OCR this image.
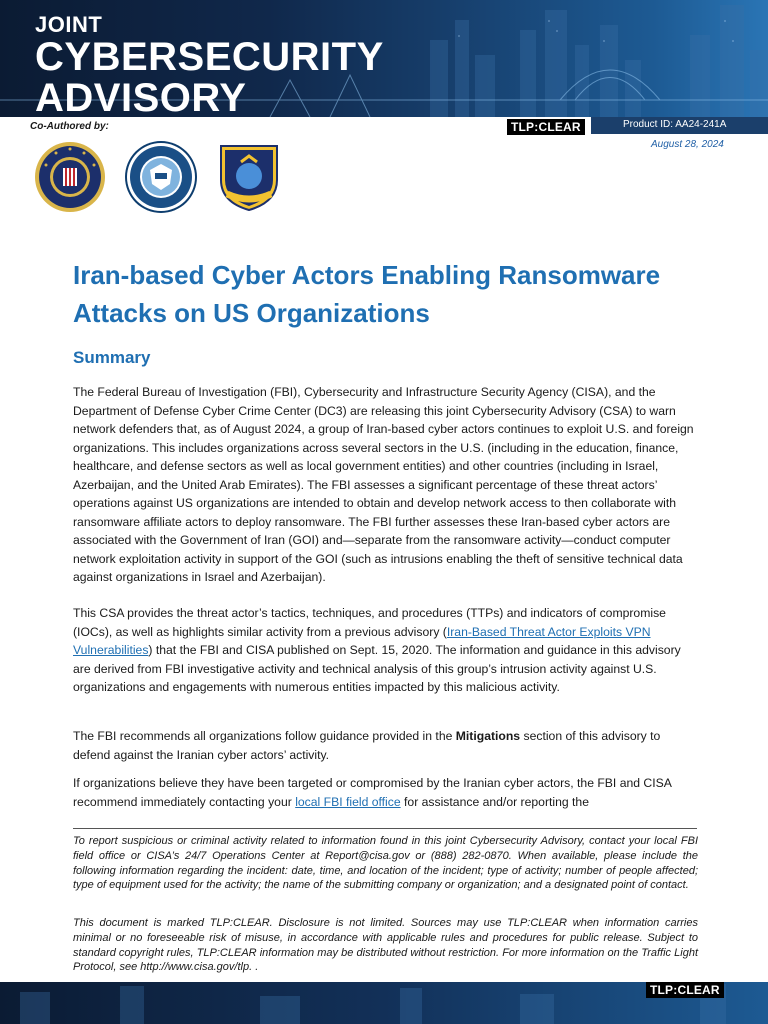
JOINT
CYBERSECURITY
ADVISORY
Co-Authored by:	TLP:CLEAR	Product ID: AA24-241A
August 28, 2024
Iran-based Cyber Actors Enabling Ransomware Attacks on US Organizations
Summary
The Federal Bureau of Investigation (FBI), Cybersecurity and Infrastructure Security Agency (CISA), and the Department of Defense Cyber Crime Center (DC3) are releasing this joint Cybersecurity Advisory (CSA) to warn network defenders that, as of August 2024, a group of Iran-based cyber actors continues to exploit U.S. and foreign organizations. This includes organizations across several sectors in the U.S. (including in the education, finance, healthcare, and defense sectors as well as local government entities) and other countries (including in Israel, Azerbaijan, and the United Arab Emirates). The FBI assesses a significant percentage of these threat actors’ operations against US organizations are intended to obtain and develop network access to then collaborate with ransomware affiliate actors to deploy ransomware. The FBI further assesses these Iran-based cyber actors are associated with the Government of Iran (GOI) and—separate from the ransomware activity—conduct computer network exploitation activity in support of the GOI (such as intrusions enabling the theft of sensitive technical data against organizations in Israel and Azerbaijan).
This CSA provides the threat actor’s tactics, techniques, and procedures (TTPs) and indicators of compromise (IOCs), as well as highlights similar activity from a previous advisory (Iran-Based Threat Actor Exploits VPN Vulnerabilities) that the FBI and CISA published on Sept. 15, 2020. The information and guidance in this advisory are derived from FBI investigative activity and technical analysis of this group’s intrusion activity against U.S. organizations and engagements with numerous entities impacted by this malicious activity.
The FBI recommends all organizations follow guidance provided in the Mitigations section of this advisory to defend against the Iranian cyber actors’ activity.
If organizations believe they have been targeted or compromised by the Iranian cyber actors, the FBI and CISA recommend immediately contacting your local FBI field office for assistance and/or reporting the
To report suspicious or criminal activity related to information found in this joint Cybersecurity Advisory, contact your local FBI field office or CISA’s 24/7 Operations Center at Report@cisa.gov or (888) 282-0870. When available, please include the following information regarding the incident: date, time, and location of the incident; type of activity; number of people affected; type of equipment used for the activity; the name of the submitting company or organization; and a designated point of contact.
This document is marked TLP:CLEAR. Disclosure is not limited. Sources may use TLP:CLEAR when information carries minimal or no foreseeable risk of misuse, in accordance with applicable rules and procedures for public release. Subject to standard copyright rules, TLP:CLEAR information may be distributed without restriction. For more information on the Traffic Light Protocol, see http://www.cisa.gov/tlp. .
TLP:CLEAR
